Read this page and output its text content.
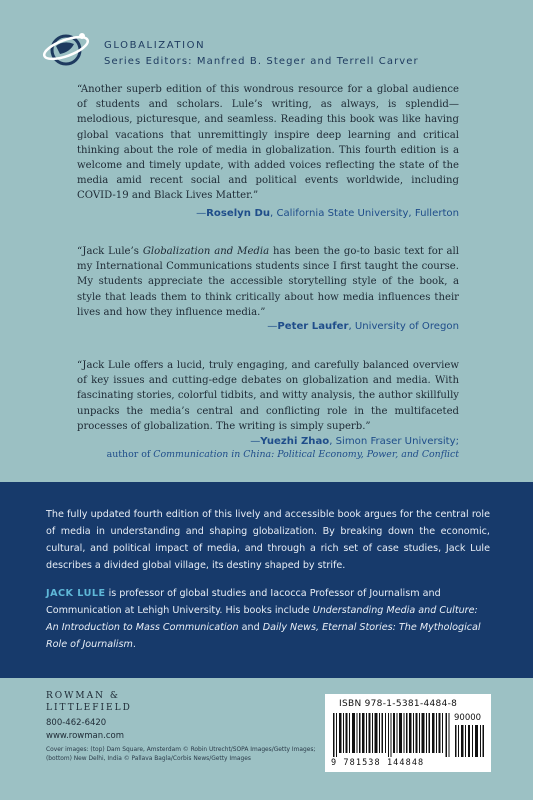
GLOBALIZATION
Series Editors: Manfred B. Steger and Terrell Carver

“Another superb edition of this wondrous resource for a global audience of students and scholars. Lule’s writing, as always, is splendid—melodious, picturesque, and seamless. Reading this book was like having global vacations that unremittingly inspire deep learning and critical thinking about the role of media in globalization. This fourth edition is a welcome and timely update, with added voices reflecting the state of the media amid recent social and political events worldwide, including COVID-19 and Black Lives Matter.”

—Roselyn Du, California State University, Fullerton

“Jack Lule’s Globalization and Media has been the go-to basic text for all my International Communications students since I first taught the course. My students appreciate the accessible storytelling style of the book, a style that leads them to think critically about how media influences their lives and how they influence media.”

—Peter Laufer, University of Oregon

“Jack Lule offers a lucid, truly engaging, and carefully balanced overview of key issues and cutting-edge debates on globalization and media. With fascinating stories, colorful tidbits, and witty analysis, the author skillfully unpacks the media’s central and conflicting role in the multifaceted processes of globalization. The writing is simply superb.”

—Yuezhi Zhao, Simon Fraser University;
author of Communication in China: Political Economy, Power, and Conflict

The fully updated fourth edition of this lively and accessible book argues for the central role of media in understanding and shaping globalization. By breaking down the economic, cultural, and political impact of media, and through a rich set of case studies, Jack Lule describes a divided global village, its destiny shaped by strife.

JACK LULE is professor of global studies and Iacocca Professor of Journalism and Communication at Lehigh University. His books include Understanding Media and Culture: An Introduction to Mass Communication and Daily News, Eternal Stories: The Mythological Role of Journalism.

ROWMAN &
LITTLEFIELD
800-462-6420
www.rowman.com
Cover images: (top) Dam Square, Amsterdam © Robin Utrecht/SOPA Images/Getty Images; (bottom) New Delhi, India © Pallava Bagla/Corbis News/Getty Images
ISBN 978-1-5381-4484-8
90000
9 781538 144848
